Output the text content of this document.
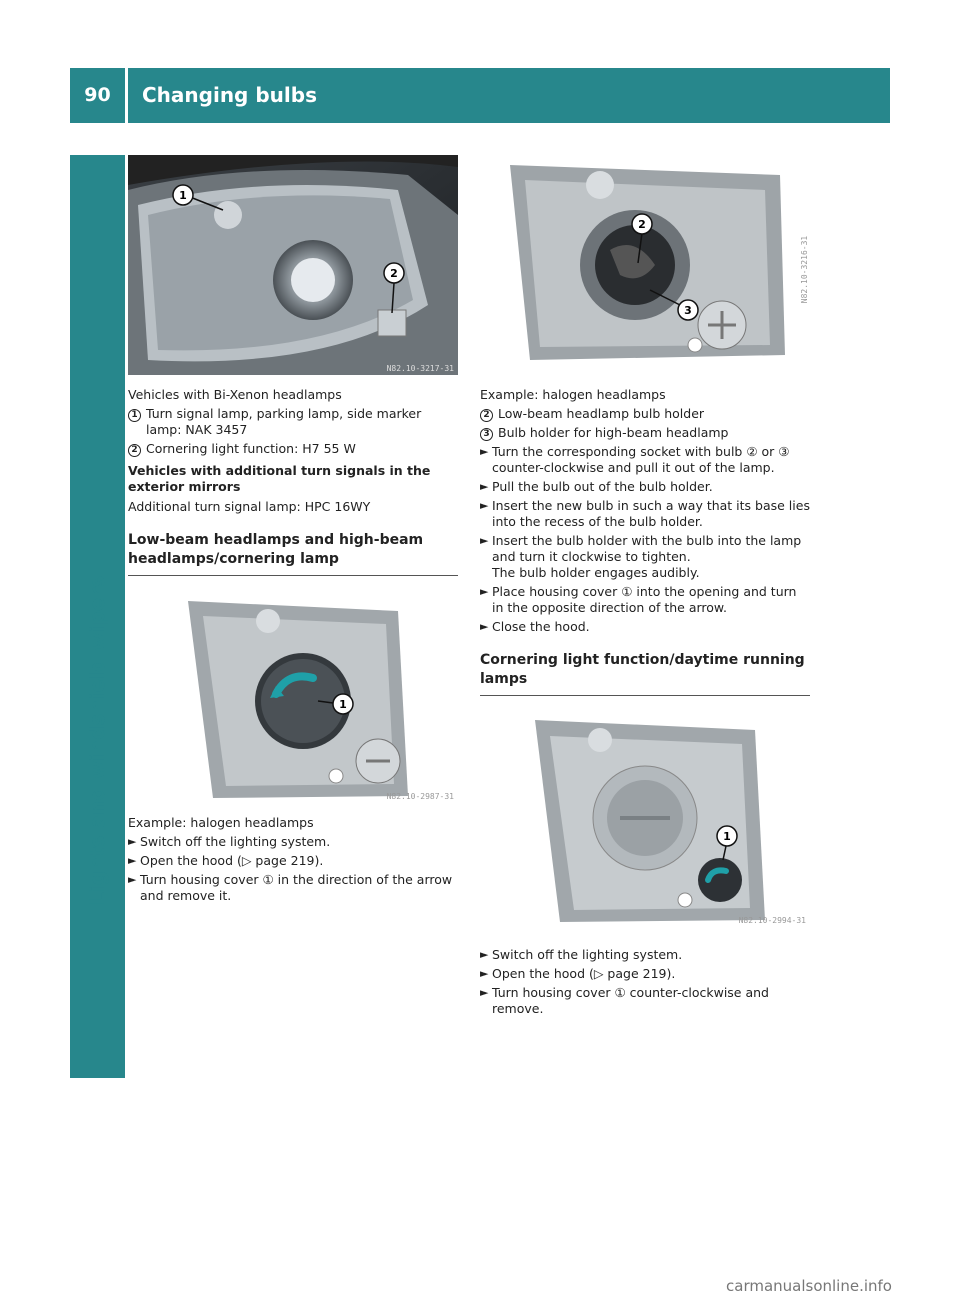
90	Changing bulbs
Lights and windshield wipers
1
2
N82.10-3217-31
2
3
N82.10-3216-31
Vehicles with Bi-Xenon headlamps
1 Turn signal lamp, parking lamp, side marker lamp: NAK 3457
2 Cornering light function: H7 55 W
Vehicles with additional turn signals in the exterior mirrors
Additional turn signal lamp: HPC 16WY
Low-beam headlamps and high-beam headlamps/cornering lamp
1
N82.10-2987-31
Example: halogen headlamps
► Switch off the lighting system.
► Open the hood (▷ page 219).
► Turn housing cover ① in the direction of the arrow and remove it.
Example: halogen headlamps
2 Low-beam headlamp bulb holder
3 Bulb holder for high-beam headlamp
► Turn the corresponding socket with bulb ② or ③ counter-clockwise and pull it out of the lamp.
► Pull the bulb out of the bulb holder.
► Insert the new bulb in such a way that its base lies into the recess of the bulb holder.
► Insert the bulb holder with the bulb into the lamp and turn it clockwise to tighten.
The bulb holder engages audibly.
► Place housing cover ① into the opening and turn in the opposite direction of the arrow.
► Close the hood.
Cornering light function/daytime running lamps
1
N82.10-2994-31
► Switch off the lighting system.
► Open the hood (▷ page 219).
► Turn housing cover ① counter-clockwise and remove.
carmanualsonline.info
